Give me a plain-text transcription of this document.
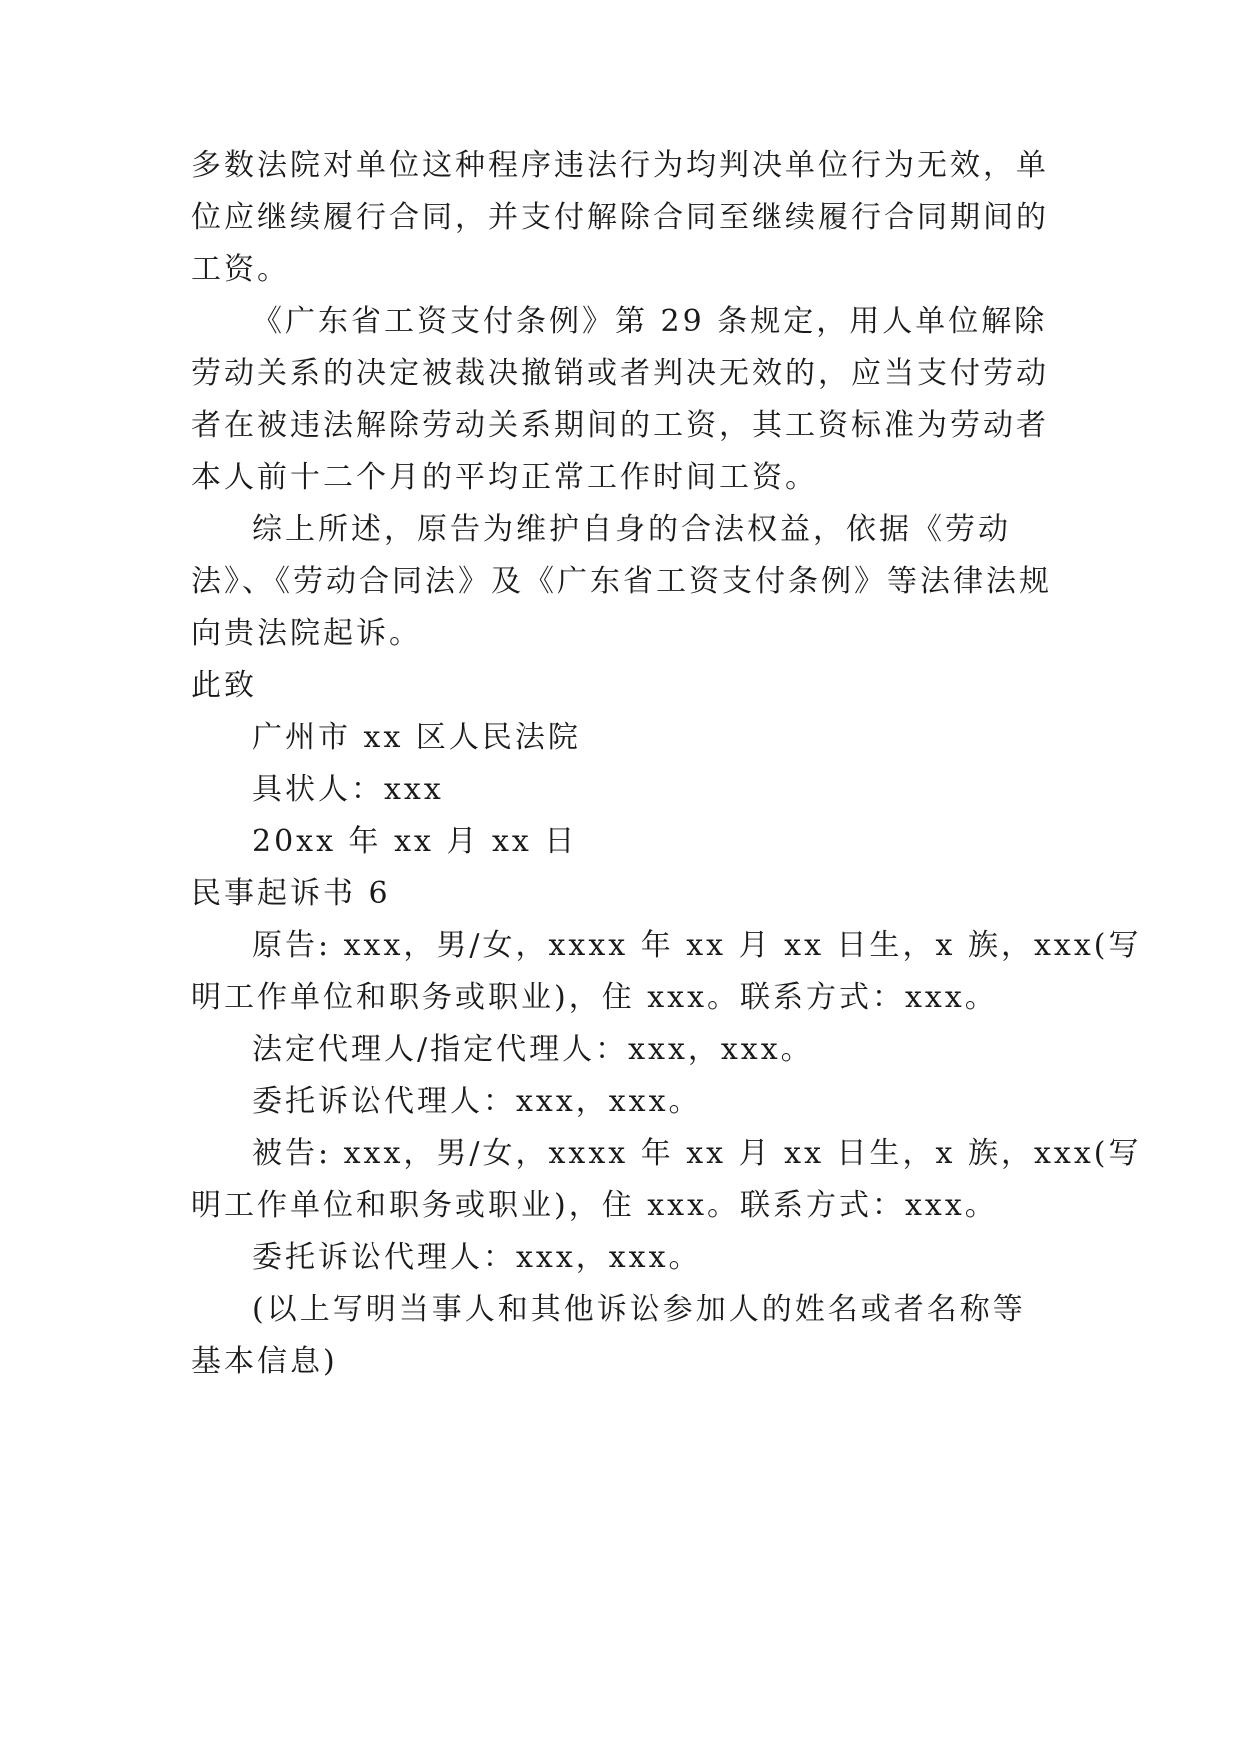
多数法院对单位这种程序违法行为均判决单位行为无效，单
位应继续履行合同，并支付解除合同至继续履行合同期间的
工资。
《广东省工资支付条例》第 29 条规定，用人单位解除
劳动关系的决定被裁决撤销或者判决无效的，应当支付劳动
者在被违法解除劳动关系期间的工资，其工资标准为劳动者
本人前十二个月的平均正常工作时间工资。
综上所述，原告为维护自身的合法权益，依据《劳动
法》、《劳动合同法》及《广东省工资支付条例》等法律法规
向贵法院起诉。
此致
广州市 xx 区人民法院
具状人：xxx
20xx 年 xx 月 xx 日
民事起诉书 6
原告: xxx，男/女，xxxx 年 xx 月 xx 日生，x 族，xxx(写
明工作单位和职务或职业)，住 xxx。联系方式：xxx。
法定代理人/指定代理人：xxx，xxx。
委托诉讼代理人：xxx，xxx。
被告: xxx，男/女，xxxx 年 xx 月 xx 日生，x 族，xxx(写
明工作单位和职务或职业)，住 xxx。联系方式：xxx。
委托诉讼代理人：xxx，xxx。
(以上写明当事人和其他诉讼参加人的姓名或者名称等
基本信息)
